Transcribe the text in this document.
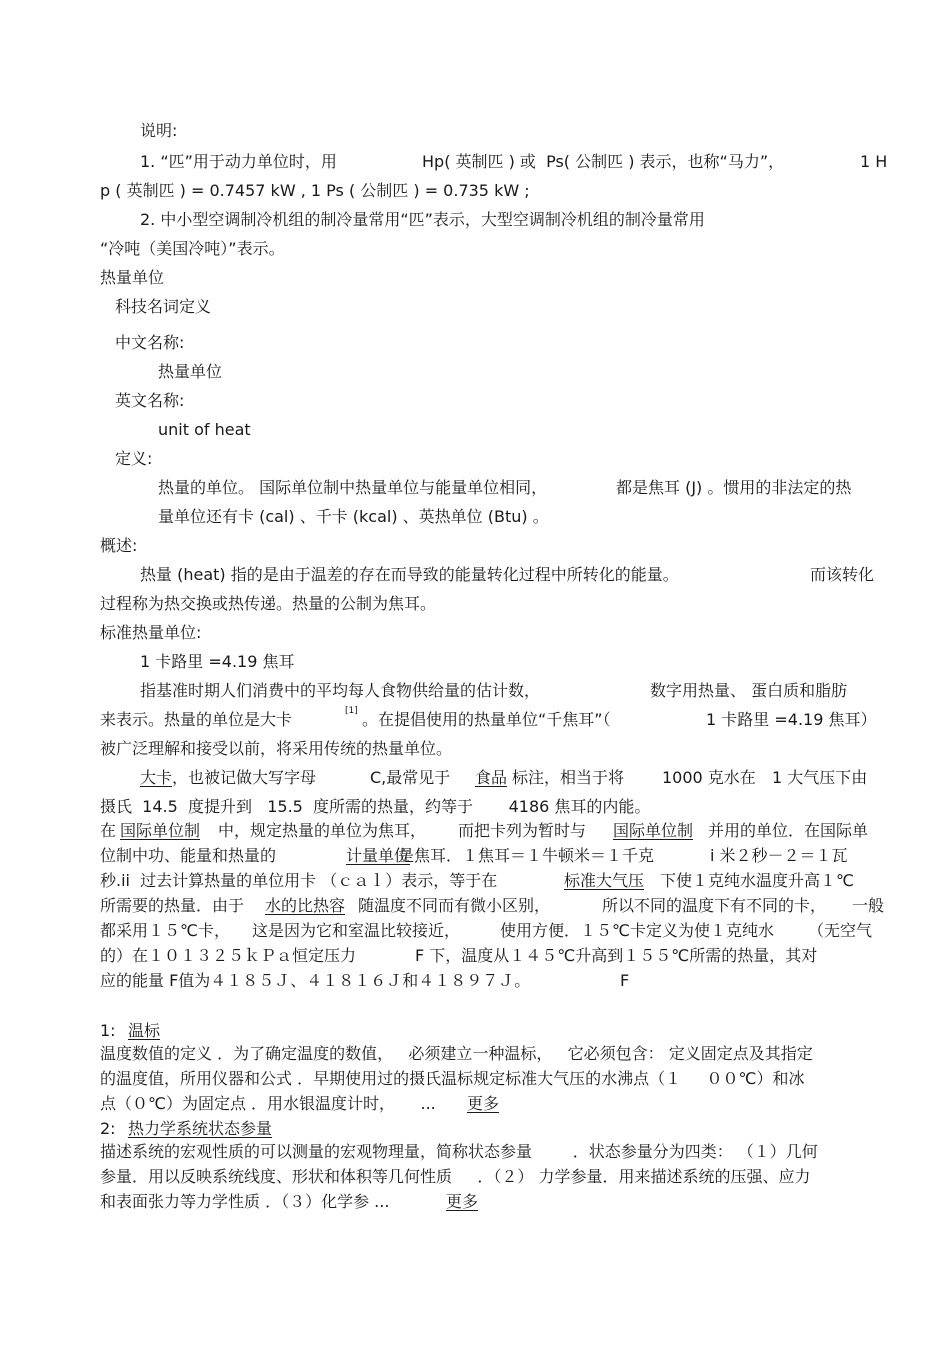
说明:
1. “匹”用于动力单位时，用	Hp( 英制匹 ) 或  Ps( 公制匹 ) 表示，也称“马力”，	1 H
p ( 英制匹 ) = 0.7457 kW , 1 Ps ( 公制匹 ) = 0.735 kW ;
2. 中小型空调制冷机组的制冷量常用“匹”表示，大型空调制冷机组的制冷量常用
“冷吨（美国冷吨）”表示。
热量单位
科技名词定义
中文名称:
热量单位
英文名称:
unit of heat
定义:
热量的单位。 国际单位制中热量单位与能量单位相同，	都是焦耳 (J) 。惯用的非法定的热
量单位还有卡 (cal) 、千卡 (kcal) 、英热单位 (Btu) 。
概述:
热量 (heat) 指的是由于温差的存在而导致的能量转化过程中所转化的能量。	而该转化
过程称为热交换或热传递。热量的公制为焦耳。
标准热量单位:
1 卡路里 =4.19 焦耳
指基准时期人们消费中的平均每人食物供给量的估计数，	数字用热量、 蛋白质和脂肪
来表示。热量的单位是大卡	[1] 。在提倡使用的热量单位“千焦耳”（	1 卡路里 =4.19 焦耳）
被广泛理解和接受以前，将采用传统的热量单位。
大卡 ，也被记做大写字母	C,最常见于 食品 标注，相当于将 1000 克水在 1 大气压下由
摄氏  14.5  度提升到   15.5  度所需的热量，约等于       4186 焦耳的内能。
在 国际单位制 中，规定热量的单位为焦耳， 而把卡列为暂时与 国际单位制 并用的单位．在国际单
位制中功、能量和热量的	计量单位
是焦耳．１焦耳＝１牛顿米＝１千克	i 米２秒－２＝１瓦
秒.ii  过去计算热量的单位用卡 （ｃａｌ）表示，等于在	标准大气压 下使１克纯水温度升高１℃
所需要的热量．由于 水的比热容 随温度不同而有微小区别，	所以不同的温度下有不同的卡， 一般
都采用１５℃卡， 这是因为它和室温比较接近， 使用方便．１５℃卡定义为使１克纯水 （无空气
的）在１０１３２５ｋＰａ恒定压力	F 下，温度从１４５℃升高到１５５℃所需的热量，其对
应的能量 F值为４１８５Ｊ、４１８１６Ｊ和４１８９７Ｊ。	F
1: 温标
温度数值的定义 ．为了确定温度的数值，   必须建立一种温标，   它必须包含： 定义固定点及其指定
的温度值，所用仪器和公式 ．早期使用过的摄氏温标规定标准大气压的水沸点（１     ００℃）和冰
点（０℃）为固定点 ．用水银温度计时，     ... 更多
2: 热力学系统状态参量
描述系统的宏观性质的可以测量的宏观物理量，简称状态参量        ．状态参量分为四类： （１）几何
参量．用以反映系统线度、形状和体积等几何性质     ．（２） 力学参量．用来描述系统的压强、应力
和表面张力等力学性质 ．（３）化学参 ...	更多
